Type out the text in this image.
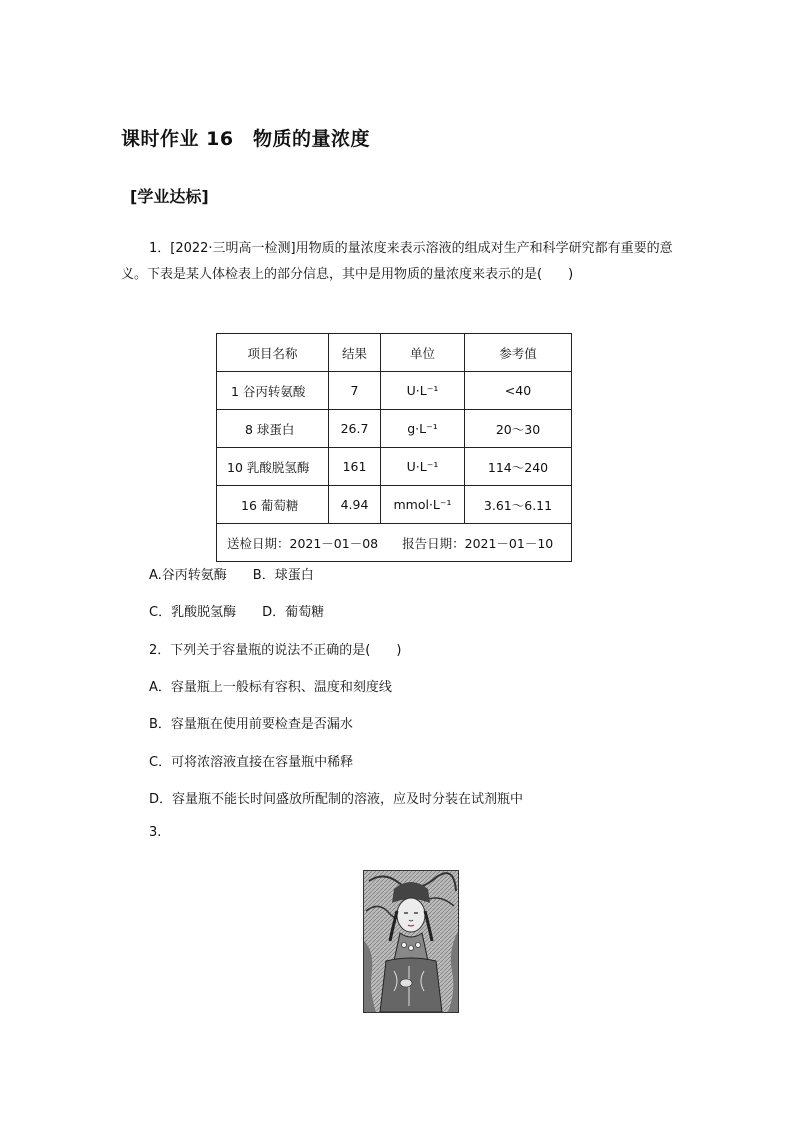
课时作业 16　物质的量浓度
[学业达标]
1．[2022·三明高一检测]用物质的量浓度来表示溶液的组成对生产和科学研究都有重要的意义。下表是某人体检表上的部分信息，其中是用物质的量浓度来表示的是(　　)
项目名称	结果	单位	参考值
1 谷丙转氨酸	7	U·L⁻¹	<40
8 球蛋白	26.7	g·L⁻¹	20～30
10 乳酸脱氢酶	161	U·L⁻¹	114～240
16 葡萄糖	4.94	mmol·L⁻¹	3.61～6.11
送检日期：2021－01－08 报告日期：2021－01－10			
A.谷丙转氨酶　　B．球蛋白
C．乳酸脱氢酶　　D．葡萄糖
2．下列关于容量瓶的说法不正确的是(　　)
A．容量瓶上一般标有容积、温度和刻度线
B．容量瓶在使用前要检查是否漏水
C．可将浓溶液直接在容量瓶中稀释
D．容量瓶不能长时间盛放所配制的溶液，应及时分装在试剂瓶中
3.
